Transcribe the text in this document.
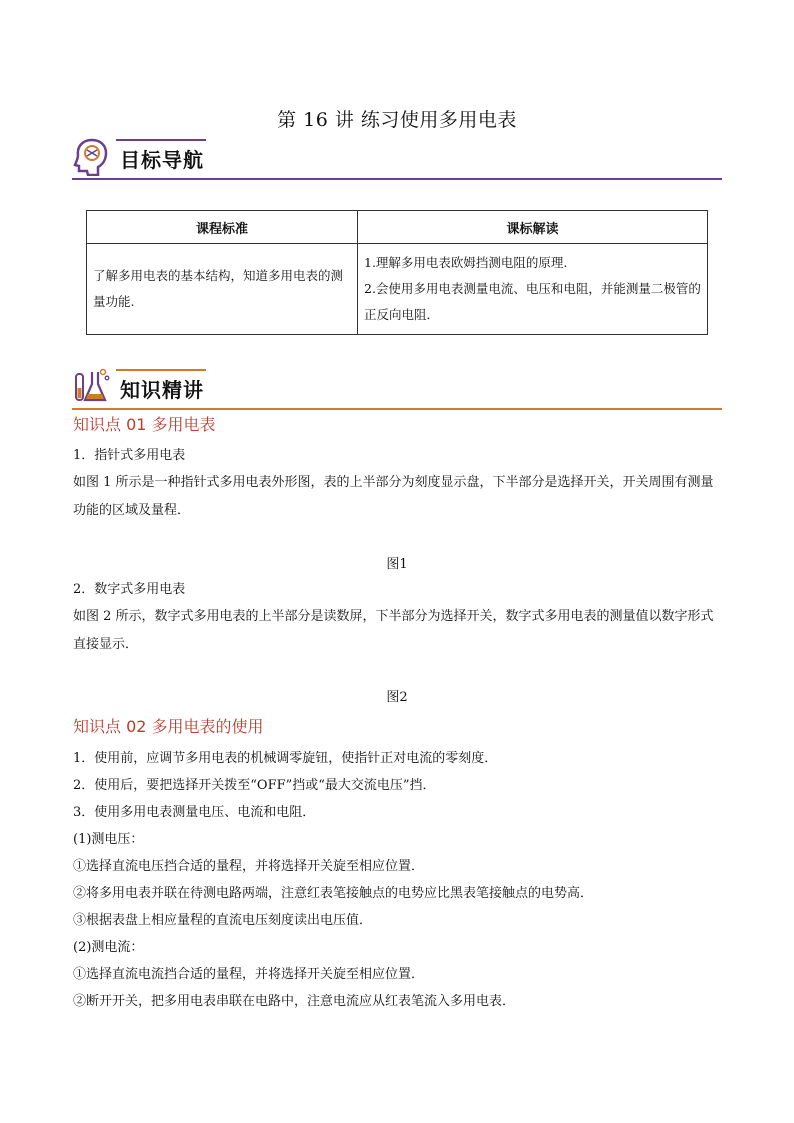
第 16 讲 练习使用多用电表
目标导航
课程标准	课标解读
了解多用电表的基本结构，知道多用电表的测量功能.	1.理解多用电表欧姆挡测电阻的原理.

2.会使用多用电表测量电流、电压和电阻，并能测量二极管的正反向电阻．

知识精讲
知识点 01 多用电表

1．指针式多用电表

如图 1 所示是一种指针式多用电表外形图，表的上半部分为刻度显示盘，下半部分是选择开关，开关周围有测量功能的区域及量程．

图1

2．数字式多用电表

如图 2 所示，数字式多用电表的上半部分是读数屏，下半部分为选择开关，数字式多用电表的测量值以数字形式直接显示．

图2
知识点 02 多用电表的使用

1．使用前，应调节多用电表的机械调零旋钮，使指针正对电流的零刻度．

2．使用后，要把选择开关拨至“OFF”挡或“最大交流电压”挡．

3．使用多用电表测量电压、电流和电阻．

(1)测电压：

①选择直流电压挡合适的量程，并将选择开关旋至相应位置．

②将多用电表并联在待测电路两端，注意红表笔接触点的电势应比黑表笔接触点的电势高．

③根据表盘上相应量程的直流电压刻度读出电压值．

(2)测电流：

①选择直流电流挡合适的量程，并将选择开关旋至相应位置．

②断开开关，把多用电表串联在电路中，注意电流应从红表笔流入多用电表．
